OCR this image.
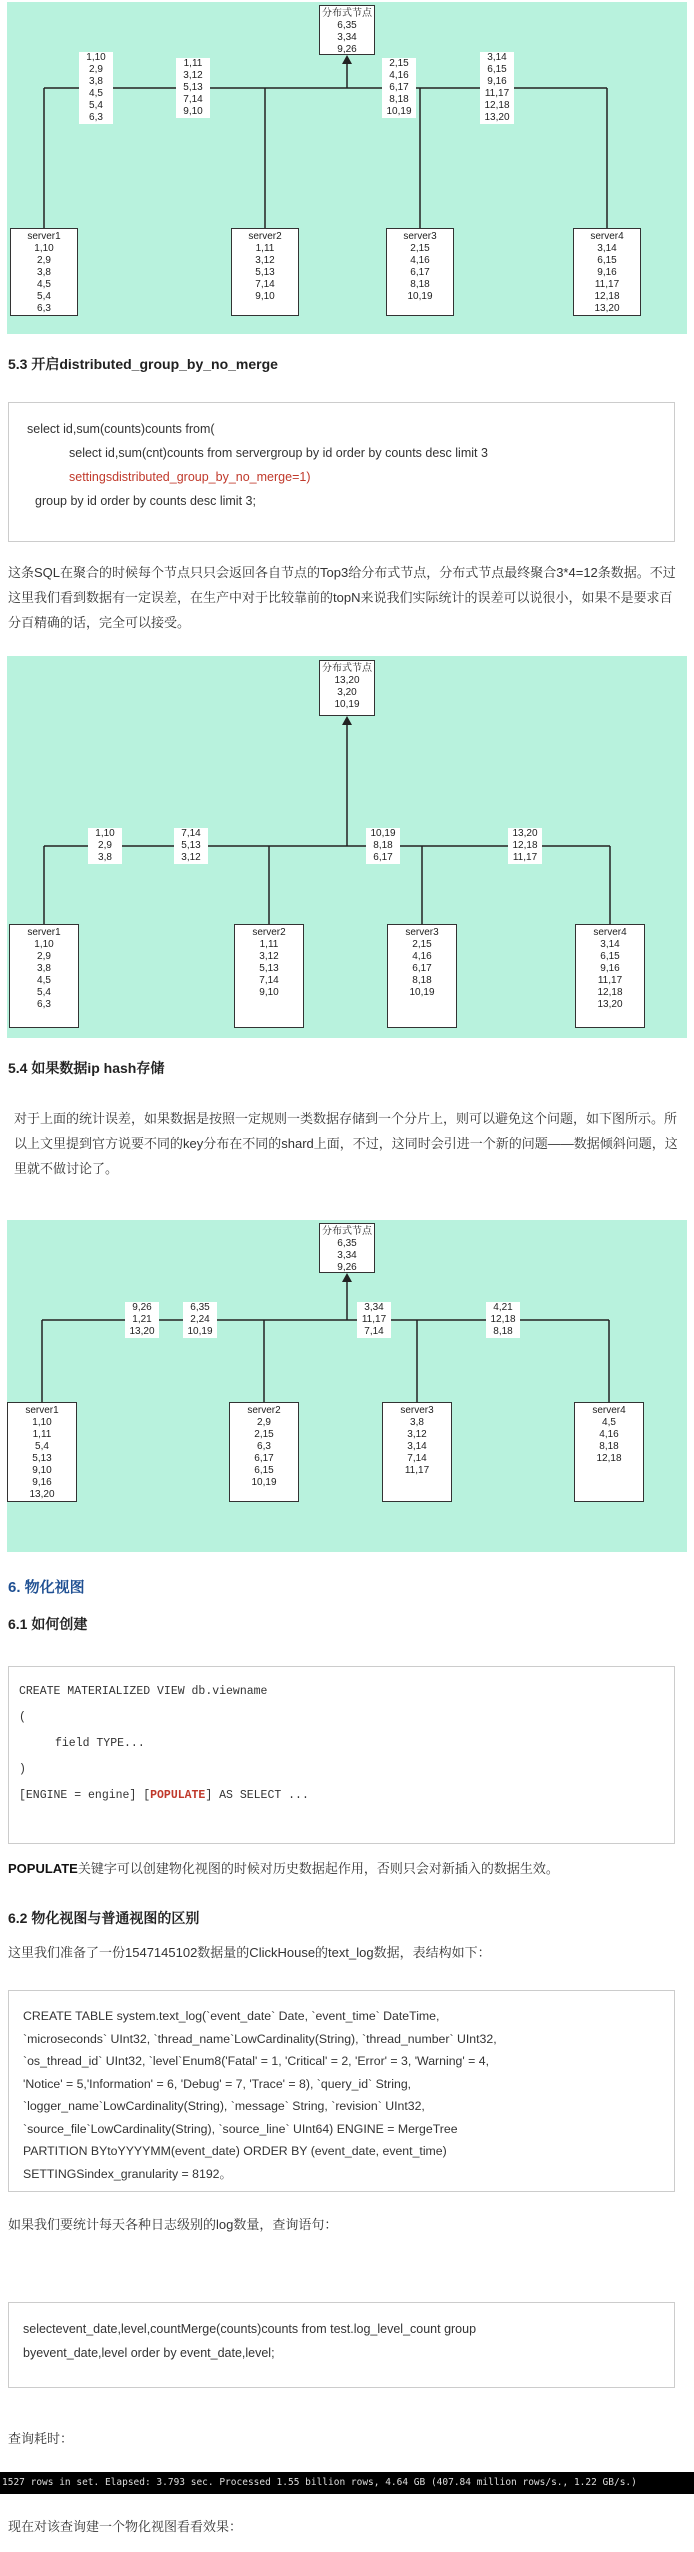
分布式节点
6,35
3,34
9,26
server1
1,10
2,9
3,8
4,5
5,4
6,3
server2
1,11
3,12
5,13
7,14
9,10
server3
2,15
4,16
6,17
8,18
10,19
server4
3,14
6,15
9,16
11,17
12,18
13,20
1,10
2,9
3,8
4,5
5,4
6,3
1,11
3,12
5,13
7,14
9,10
2,15
4,16
6,17
8,18
10,19
3,14
6,15
9,16
11,17
12,18
13,20
5.3 开启distributed_group_by_no_merge
select id,sum(counts)counts from(
select id,sum(cnt)counts from servergroup by id order by counts desc limit 3
settingsdistributed_group_by_no_merge=1)
group by id order by counts desc limit 3;
这条SQL在聚合的时候每个节点只只会返回各自节点的Top3给分布式节点，分布式节点最终聚合3*4=12条数据。不过这里我们看到数据有一定误差，在生产中对于比较靠前的topN来说我们实际统计的误差可以说很小，如果不是要求百分百精确的话，完全可以接受。
分布式节点
13,20
3,20
10,19
server1
1,10
2,9
3,8
4,5
5,4
6,3
server2
1,11
3,12
5,13
7,14
9,10
server3
2,15
4,16
6,17
8,18
10,19
server4
3,14
6,15
9,16
11,17
12,18
13,20
1,10
2,9
3,8
7,14
5,13
3,12
10,19
8,18
6,17
13,20
12,18
11,17
5.4 如果数据ip hash存储
对于上面的统计误差，如果数据是按照一定规则一类数据存储到一个分片上，则可以避免这个问题，如下图所示。所以上文里提到官方说要不同的key分布在不同的shard上面，不过，这同时会引进一个新的问题——数据倾斜问题，这里就不做讨论了。
分布式节点
6,35
3,34
9,26
server1
1,10
1,11
5,4
5,13
9,10
9,16
13,20
server2
2,9
2,15
6,3
6,17
6,15
10,19
server3
3,8
3,12
3,14
7,14
11,17
server4
4,5
4,16
8,18
12,18
9,26
1,21
13,20
6,35
2,24
10,19
3,34
11,17
7,14
4,21
12,18
8,18
6. 物化视图
6.1 如何创建
CREATE MATERIALIZED VIEW db.viewname
(
field TYPE...
)
[ENGINE = engine] [POPULATE] AS SELECT ...
POPULATE关键字可以创建物化视图的时候对历史数据起作用，否则只会对新插入的数据生效。
6.2 物化视图与普通视图的区别
这里我们准备了一份1547145102数据量的ClickHouse的text_log数据，表结构如下：
CREATE TABLE system.text_log(`event_date` Date, `event_time` DateTime,
`microseconds` UInt32, `thread_name`LowCardinality(String), `thread_number` UInt32,
`os_thread_id` UInt32, `level`Enum8('Fatal' = 1, 'Critical' = 2, 'Error' = 3, 'Warning' = 4,
'Notice' = 5,'Information' = 6, 'Debug' = 7, 'Trace' = 8), `query_id` String,
`logger_name`LowCardinality(String), `message` String, `revision` UInt32,
`source_file`LowCardinality(String), `source_line` UInt64) ENGINE = MergeTree
PARTITION BYtoYYYYMM(event_date) ORDER BY (event_date, event_time)
SETTINGSindex_granularity = 8192。
如果我们要统计每天各种日志级别的log数量，查询语句：
selectevent_date,level,countMerge(counts)counts from test.log_level_count group
byevent_date,level order by event_date,level;
查询耗时：
1527 rows in set. Elapsed: 3.793 sec. Processed 1.55 billion rows, 4.64 GB (407.84 million rows/s., 1.22 GB/s.)
现在对该查询建一个物化视图看看效果：
